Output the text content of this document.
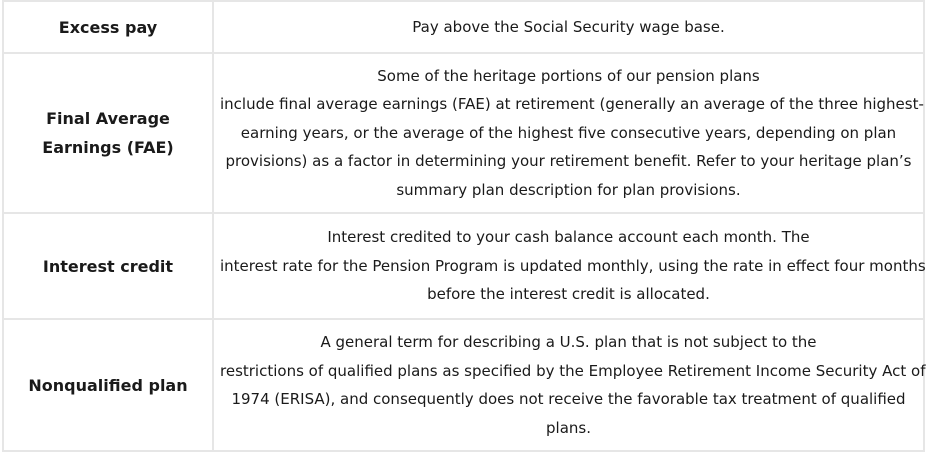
Excess pay	Pay above the Social Security wage base.

Final Average Earnings (FAE)	Some of the heritage portions of our pension plans
include final average earnings (FAE) at retirement (generally an average of the three highest-
earning years, or the average of the highest five consecutive years, depending on plan
provisions) as a factor in determining your retirement benefit. Refer to your heritage plan’s
summary plan description for plan provisions.

Interest credit	Interest credited to your cash balance account each month. The
interest rate for the Pension Program is updated monthly, using the rate in effect four months
before the interest credit is allocated.

Nonqualified plan	A general term for describing a U.S. plan that is not subject to the
restrictions of qualified plans as specified by the Employee Retirement Income Security Act of
1974 (ERISA), and consequently does not receive the favorable tax treatment of qualified
plans.
